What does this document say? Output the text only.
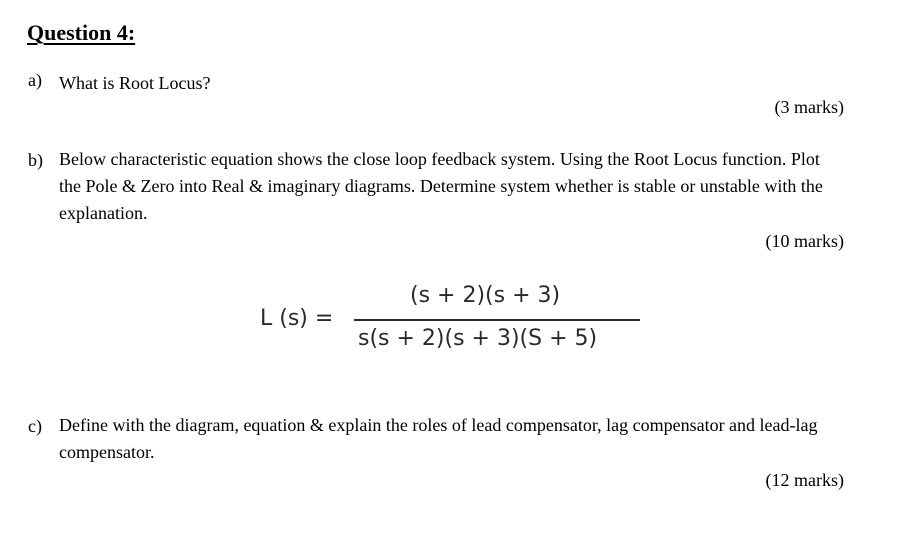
Question 4:
a) What is Root Locus?
(3 marks)
b) Below characteristic equation shows the close loop feedback system. Using the Root Locus function. Plot the Pole & Zero into Real & imaginary diagrams. Determine system whether is stable or unstable with the explanation.
(10 marks)
L (s) =
(s + 2)(s + 3)
s(s + 2)(s + 3)(S + 5)
c) Define with the diagram, equation & explain the roles of lead compensator, lag compensator and lead-lag compensator.
(12 marks)
